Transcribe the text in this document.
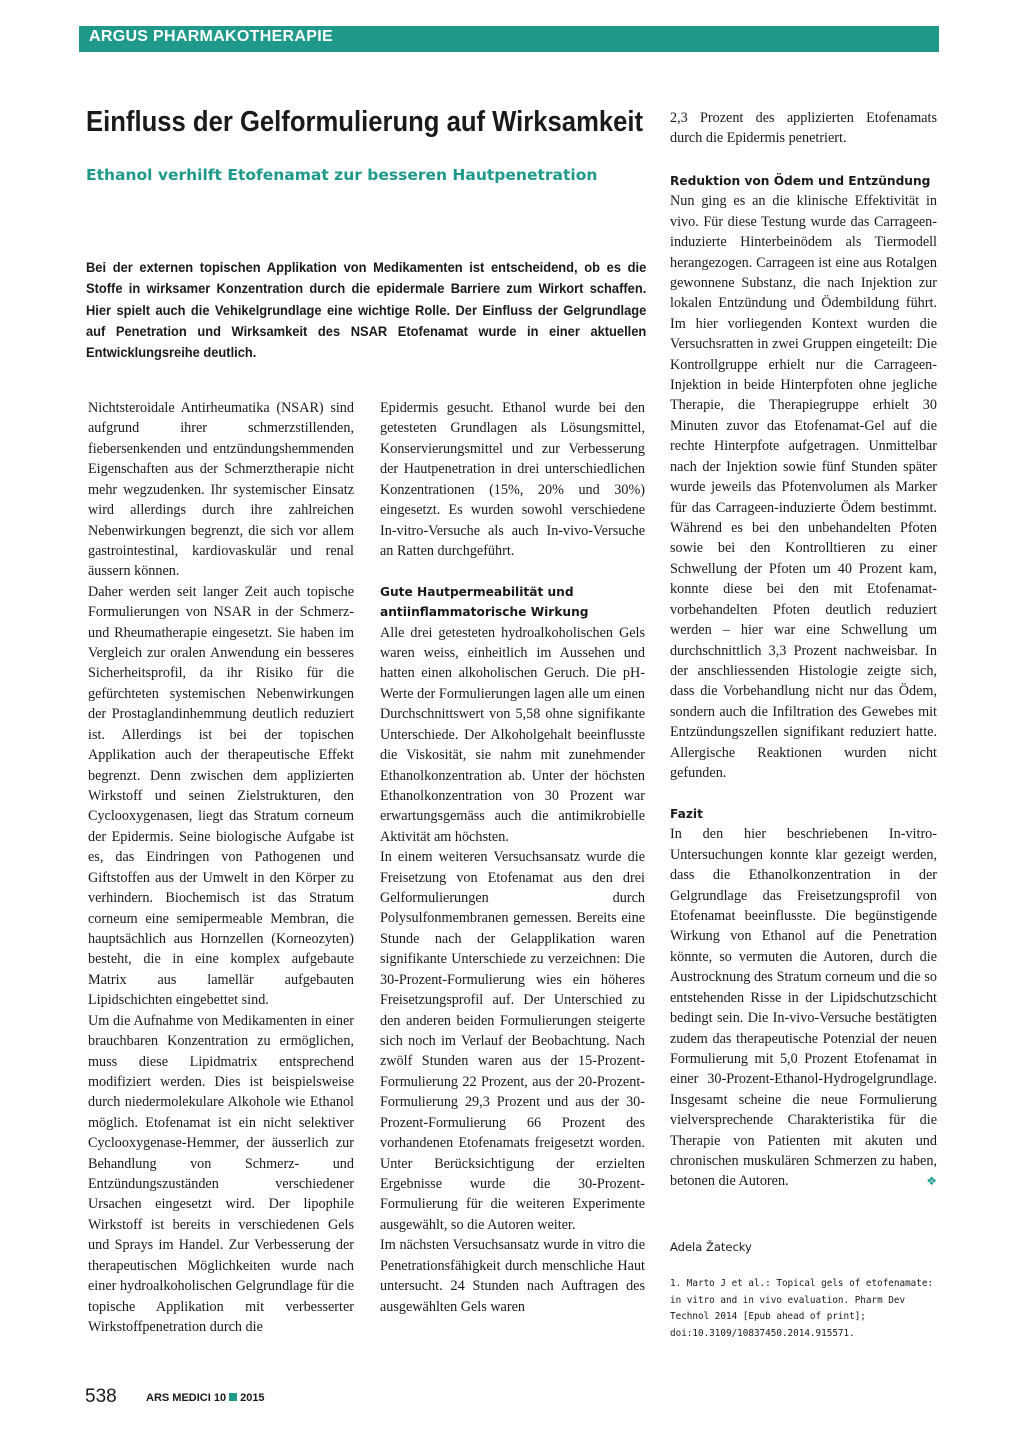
ARGUS PHARMAKOTHERAPIE
Einfluss der Gelformulierung auf Wirksamkeit
Ethanol verhilft Etofenamat zur besseren Hautpenetration
Bei der externen topischen Applikation von Medikamenten ist entscheidend, ob es die Stoffe in wirksamer Konzentration durch die epidermale Barriere zum Wirkort schaffen. Hier spielt auch die Vehikelgrundlage eine wichtige Rolle. Der Einfluss der Gelgrundlage auf Penetration und Wirksamkeit des NSAR Etofenamat wurde in einer aktuellen Entwicklungsreihe deutlich.

Nichtsteroidale Antirheumatika (NSAR) sind aufgrund ihrer schmerzstillenden, fiebersenkenden und entzündungshemmenden Eigenschaften aus der Schmerztherapie nicht mehr wegzudenken. Ihr systemischer Einsatz wird allerdings durch ihre zahlreichen Nebenwirkungen begrenzt, die sich vor allem gastrointestinal, kardiovaskulär und renal äussern können.

Daher werden seit langer Zeit auch topische Formulierungen von NSAR in der Schmerz- und Rheumatherapie eingesetzt. Sie haben im Vergleich zur oralen Anwendung ein besseres Sicherheitsprofil, da ihr Risiko für die gefürchteten systemischen Nebenwirkungen der Prostaglandinhemmung deutlich reduziert ist. Allerdings ist bei der topischen Applikation auch der therapeutische Effekt begrenzt. Denn zwischen dem applizierten Wirkstoff und seinen Zielstrukturen, den Cyclooxygenasen, liegt das Stratum corneum der Epidermis. Seine biologische Aufgabe ist es, das Eindringen von Pathogenen und Giftstoffen aus der Umwelt in den Körper zu verhindern. Biochemisch ist das Stratum corneum eine semipermeable Membran, die hauptsächlich aus Hornzellen (Korneozyten) besteht, die in eine komplex aufgebaute Matrix aus lamellär aufgebauten Lipidschichten eingebettet sind.

Um die Aufnahme von Medikamenten in einer brauchbaren Konzentration zu ermöglichen, muss diese Lipidmatrix entsprechend modifiziert werden. Dies ist beispielsweise durch niedermolekulare Alkohole wie Ethanol möglich. Etofenamat ist ein nicht selektiver Cyclooxygenase-Hemmer, der äusserlich zur Behandlung von Schmerz- und Entzündungszuständen verschiedener Ursachen eingesetzt wird. Der lipophile Wirkstoff ist bereits in verschiedenen Gels und Sprays im Handel. Zur Verbesserung der therapeutischen Möglichkeiten wurde nach einer hydroalkoholischen Gelgrundlage für die topische Applikation mit verbesserter Wirkstoffpenetration durch die

Epidermis gesucht. Ethanol wurde bei den getesteten Grundlagen als Lösungsmittel, Konservierungsmittel und zur Verbesserung der Hautpenetration in drei unterschiedlichen Konzentrationen (15%, 20% und 30%) eingesetzt. Es wurden sowohl verschiedene In-vitro-Versuche als auch In-vivo-Versuche an Ratten durchgeführt.

Gute Hautpermeabilität und antiinflammatorische Wirkung

Alle drei getesteten hydroalkoholischen Gels waren weiss, einheitlich im Aussehen und hatten einen alkoholischen Geruch. Die pH-Werte der Formulierungen lagen alle um einen Durchschnittswert von 5,58 ohne signifikante Unterschiede. Der Alkoholgehalt beeinflusste die Viskosität, sie nahm mit zunehmender Ethanolkonzentration ab. Unter der höchsten Ethanolkonzentration von 30 Prozent war erwartungsgemäss auch die antimikrobielle Aktivität am höchsten.

In einem weiteren Versuchsansatz wurde die Freisetzung von Etofenamat aus den drei Gelformulierungen durch Polysulfonmembranen gemessen. Bereits eine Stunde nach der Gelapplikation waren signifikante Unterschiede zu verzeichnen: Die 30-Prozent-Formulierung wies ein höheres Freisetzungsprofil auf. Der Unterschied zu den anderen beiden Formulierungen steigerte sich noch im Verlauf der Beobachtung. Nach zwölf Stunden waren aus der 15-Prozent-Formulierung 22 Prozent, aus der 20-Prozent-Formulierung 29,3 Prozent und aus der 30-Prozent-Formulierung 66 Prozent des vorhandenen Etofenamats freigesetzt worden. Unter Berücksichtigung der erzielten Ergebnisse wurde die 30-Prozent-Formulierung für die weiteren Experimente ausgewählt, so die Autoren weiter.

Im nächsten Versuchsansatz wurde in vitro die Penetrationsfähigkeit durch menschliche Haut untersucht. 24 Stunden nach Auftragen des ausgewählten Gels waren

2,3 Prozent des applizierten Etofenamats durch die Epidermis penetriert.

Reduktion von Ödem und Entzündung

Nun ging es an die klinische Effektivität in vivo. Für diese Testung wurde das Carrageen-induzierte Hinterbeinödem als Tiermodell herangezogen. Carrageen ist eine aus Rotalgen gewonnene Substanz, die nach Injektion zur lokalen Entzündung und Ödembildung führt. Im hier vorliegenden Kontext wurden die Versuchsratten in zwei Gruppen eingeteilt: Die Kontrollgruppe erhielt nur die Carrageen-Injektion in beide Hinterpfoten ohne jegliche Therapie, die Therapiegruppe erhielt 30 Minuten zuvor das Etofenamat-Gel auf die rechte Hinterpfote aufgetragen. Unmittelbar nach der Injektion sowie fünf Stunden später wurde jeweils das Pfotenvolumen als Marker für das Carrageen-induzierte Ödem bestimmt. Während es bei den unbehandelten Pfoten sowie bei den Kontrolltieren zu einer Schwellung der Pfoten um 40 Prozent kam, konnte diese bei den mit Etofenamat-vorbehandelten Pfoten deutlich reduziert werden – hier war eine Schwellung um durchschnittlich 3,3 Prozent nachweisbar. In der anschliessenden Histologie zeigte sich, dass die Vorbehandlung nicht nur das Ödem, sondern auch die Infiltration des Gewebes mit Entzündungszellen signifikant reduziert hatte. Allergische Reaktionen wurden nicht gefunden.

Fazit

In den hier beschriebenen In-vitro-Untersuchungen konnte klar gezeigt werden, dass die Ethanolkonzentration in der Gelgrundlage das Freisetzungsprofil von Etofenamat beeinflusste. Die begünstigende Wirkung von Ethanol auf die Penetration könnte, so vermuten die Autoren, durch die Austrocknung des Stratum corneum und die so entstehenden Risse in der Lipidschutzschicht bedingt sein. Die In-vivo-Versuche bestätigten zudem das therapeutische Potenzial der neuen Formulierung mit 5,0 Prozent Etofenamat in einer 30-Prozent-Ethanol-Hydrogelgrundlage. Insgesamt scheine die neue Formulierung vielversprechende Charakteristika für die Therapie von Patienten mit akuten und chronischen muskulären Schmerzen zu haben, betonen die Autoren.	❖

Adela Žatecky

1. Marto J et al.: Topical gels of etofenamate: in vitro and in vivo evaluation. Pharm Dev Technol 2014 [Epub ahead of print]; doi:10.3109/10837450.2014.915571.

538	ARS MEDICI 10 2015
